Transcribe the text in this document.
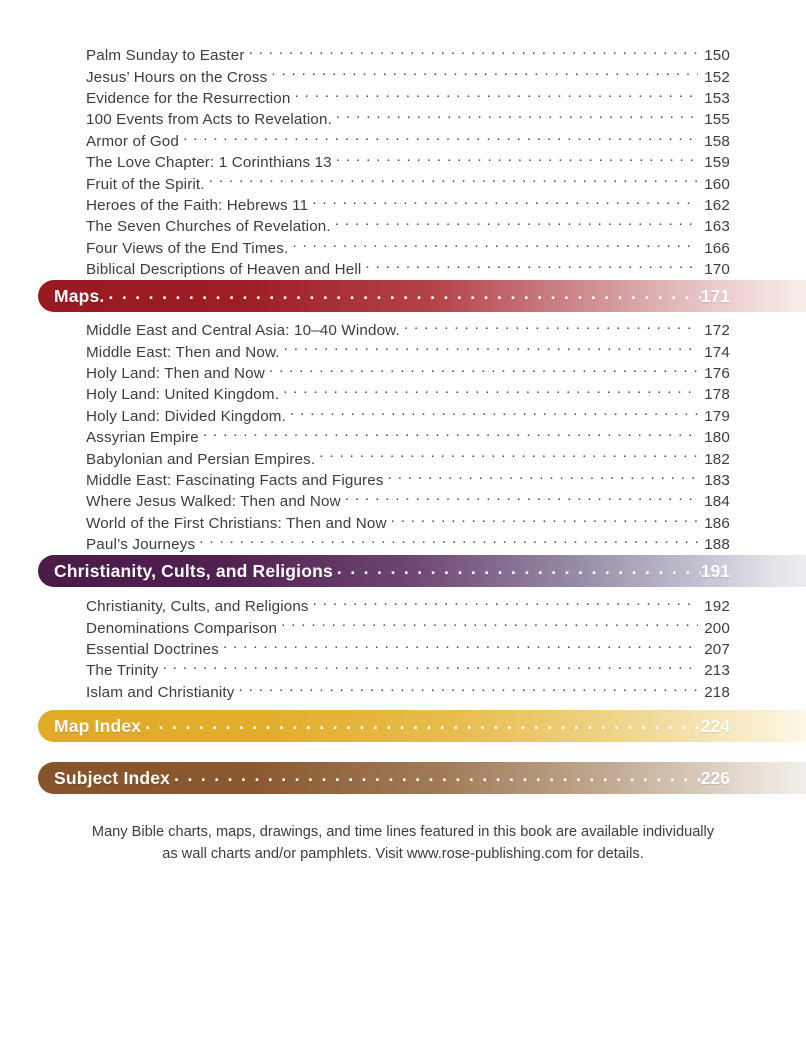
Palm Sunday to Easter . . .	150
Jesus’ Hours on the Cross . . .	152
Evidence for the Resurrection . . .	153
100 Events from Acts to Revelation. . . .	155
Armor of God . . .	158
The Love Chapter: 1 Corinthians 13 . . .	159
Fruit of the Spirit. . . .	160
Heroes of the Faith: Hebrews 11 . . .	162
The Seven Churches of Revelation. . . .	163
Four Views of the End Times. . . .	166
Biblical Descriptions of Heaven and Hell . . .	170
Maps. . . .	171
Middle East and Central Asia: 10–40 Window. . . .	172
Middle East: Then and Now. . . .	174
Holy Land: Then and Now . . .	176
Holy Land: United Kingdom. . . .	178
Holy Land: Divided Kingdom. . . .	179
Assyrian Empire . . .	180
Babylonian and Persian Empires. . . .	182
Middle East: Fascinating Facts and Figures . . .	183
Where Jesus Walked: Then and Now . . .	184
World of the First Christians: Then and Now . . .	186
Paul’s Journeys . . .	188
Christianity, Cults, and Religions . . .	191
Christianity, Cults, and Religions . . .	192
Denominations Comparison . . .	200
Essential Doctrines . . .	207
The Trinity . . .	213
Islam and Christianity . . .	218
Map Index . . .	224
Subject Index . . .	226
Many Bible charts, maps, drawings, and time lines featured in this book are available individually
as wall charts and/or pamphlets. Visit www.rose-publishing.com for details.
